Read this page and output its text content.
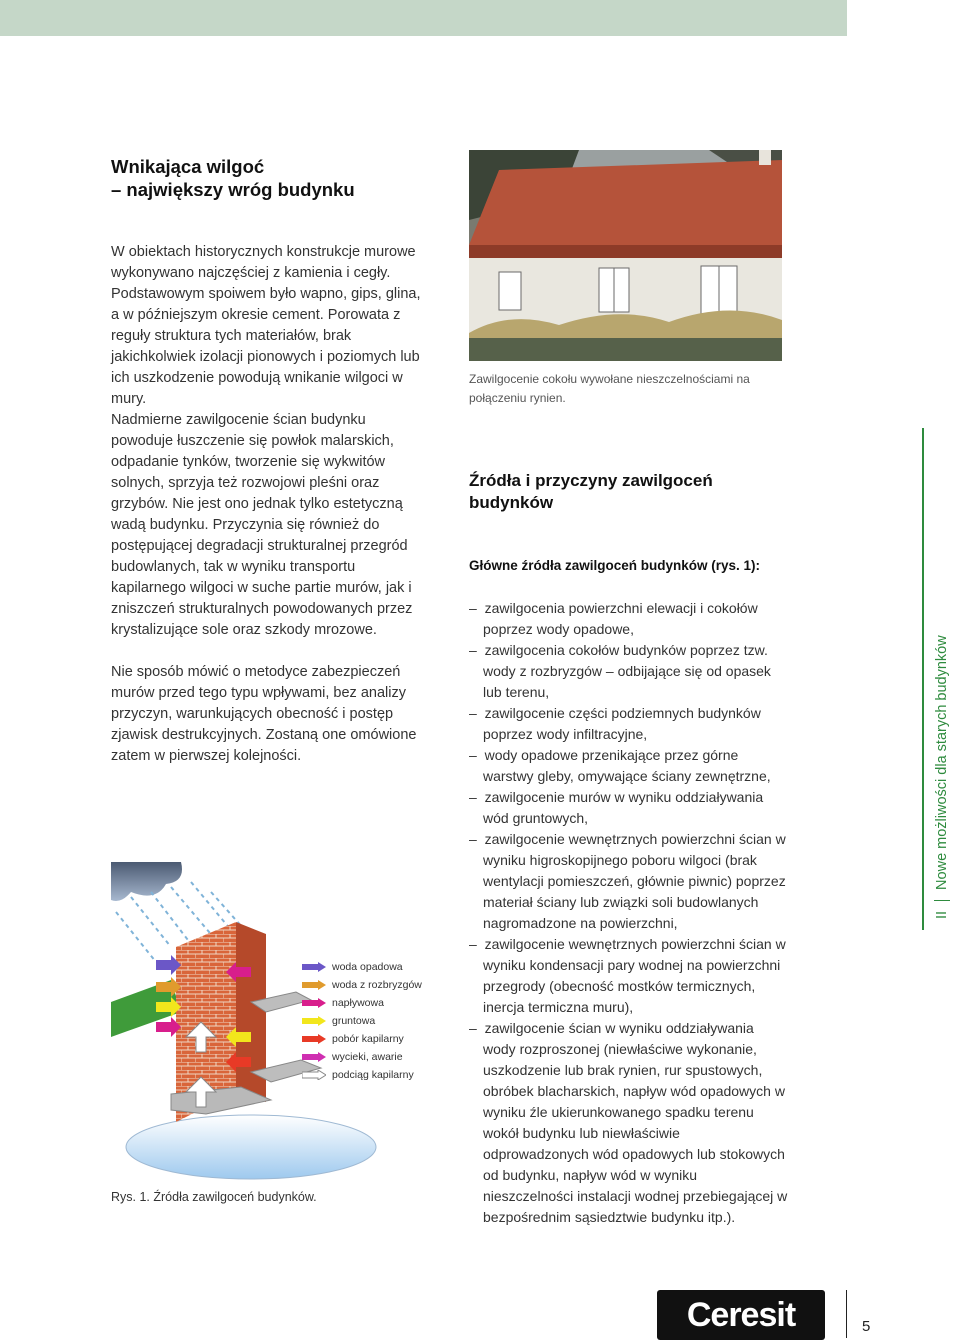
Wnikająca wilgoć
– największy wróg budynku
W obiektach historycznych konstrukcje murowe wykonywano najczęściej z kamienia i cegły. Podstawowym spoiwem było wapno, gips, glina, a w późniejszym okresie cement. Porowata z reguły struktura tych materiałów, brak jakichkolwiek izolacji pionowych i poziomych lub ich uszkodzenie powodują wnikanie wilgoci w mury.
Nadmierne zawilgocenie ścian budynku powoduje łuszczenie się powłok malarskich, odpadanie tynków, tworzenie się wykwitów solnych, sprzyja też rozwojowi pleśni oraz grzybów. Nie jest ono jednak tylko estetyczną wadą budynku. Przyczynia się również do postępującej degradacji strukturalnej przegród budowlanych, tak w wyniku transportu kapilarnego wilgoci w suche partie murów, jak i zniszczeń strukturalnych powodowanych przez krystalizujące sole oraz szkody mrozowe.
Nie sposób mówić o metodyce zabezpieczeń murów przed tego typu wpływami, bez analizy przyczyn, warunkujących obecność i postęp zjawisk destrukcyjnych. Zostaną one omówione zatem w pierwszej kolejności.
Zawilgocenie cokołu wywołane nieszczelnościami na połączeniu rynien.
Źródła i przyczyny zawilgoceń budynków
Główne źródła zawilgoceń budynków (rys. 1):
–  zawilgocenia powierzchni elewacji i cokołów poprzez wody opadowe,
–  zawilgocenia cokołów budynków poprzez tzw. wody z rozbryzgów – odbijające się od opasek lub terenu,
–  zawilgocenie części podziemnych budynków poprzez wody infiltracyjne,
–  wody opadowe przenikające przez górne warstwy gleby, omywające ściany zewnętrzne,
–  zawilgocenie murów w wyniku oddziaływania wód gruntowych,
–  zawilgocenie wewnętrznych powierzchni ścian w wyniku higroskopijnego poboru wilgoci (brak wentylacji pomieszczeń, głównie piwnic) poprzez materiał ściany lub związki soli budowlanych nagromadzone na powierzchni,
–  zawilgocenie wewnętrznych powierzchni ścian w wyniku kondensacji pary wodnej na powierzchni przegrody (obecność mostków termicznych, inercja termiczna muru),
–  zawilgocenie ścian w wyniku oddziaływania wody rozproszonej (niewłaściwe wykonanie, uszkodzenie lub brak rynien, rur spustowych, obróbek blacharskich, napływ wód opadowych w wyniku źle ukierunkowanego spadku terenu wokół budynku lub niewłaściwie odprowadzonych wód opadowych lub stokowych od budynku, napływ wód w wyniku nieszczelności instalacji wodnej przebiegającej w bezpośrednim sąsiedztwie budynku itp.).
II
Nowe możliwości dla starych budynków
woda opadowa
woda z rozbryzgów
napływowa
gruntowa
pobór kapilarny
wycieki, awarie
podciąg kapilarny
Rys. 1. Źródła zawilgoceń budynków.
Ceresit	5
